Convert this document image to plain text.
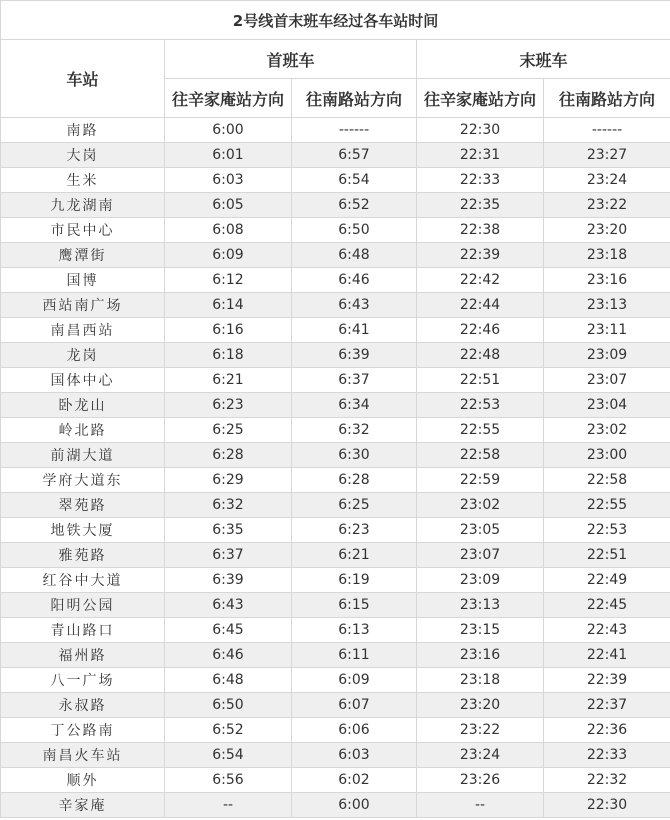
2号线首末班车经过各车站时间				
车站	首班车		末班车	
	往辛家庵站方向	往南路站方向	往辛家庵站方向	往南路站方向
南路	6:00	------	22:30	------
大岗	6:01	6:57	22:31	23:27
生米	6:03	6:54	22:33	23:24
九龙湖南	6:05	6:52	22:35	23:22
市民中心	6:08	6:50	22:38	23:20
鹰潭街	6:09	6:48	22:39	23:18
国博	6:12	6:46	22:42	23:16
西站南广场	6:14	6:43	22:44	23:13
南昌西站	6:16	6:41	22:46	23:11
龙岗	6:18	6:39	22:48	23:09
国体中心	6:21	6:37	22:51	23:07
卧龙山	6:23	6:34	22:53	23:04
岭北路	6:25	6:32	22:55	23:02
前湖大道	6:28	6:30	22:58	23:00
学府大道东	6:29	6:28	22:59	22:58
翠苑路	6:32	6:25	23:02	22:55
地铁大厦	6:35	6:23	23:05	22:53
雅苑路	6:37	6:21	23:07	22:51
红谷中大道	6:39	6:19	23:09	22:49
阳明公园	6:43	6:15	23:13	22:45
青山路口	6:45	6:13	23:15	22:43
福州路	6:46	6:11	23:16	22:41
八一广场	6:48	6:09	23:18	22:39
永叔路	6:50	6:07	23:20	22:37
丁公路南	6:52	6:06	23:22	22:36
南昌火车站	6:54	6:03	23:24	22:33
顺外	6:56	6:02	23:26	22:32
辛家庵	--	6:00	--	22:30
